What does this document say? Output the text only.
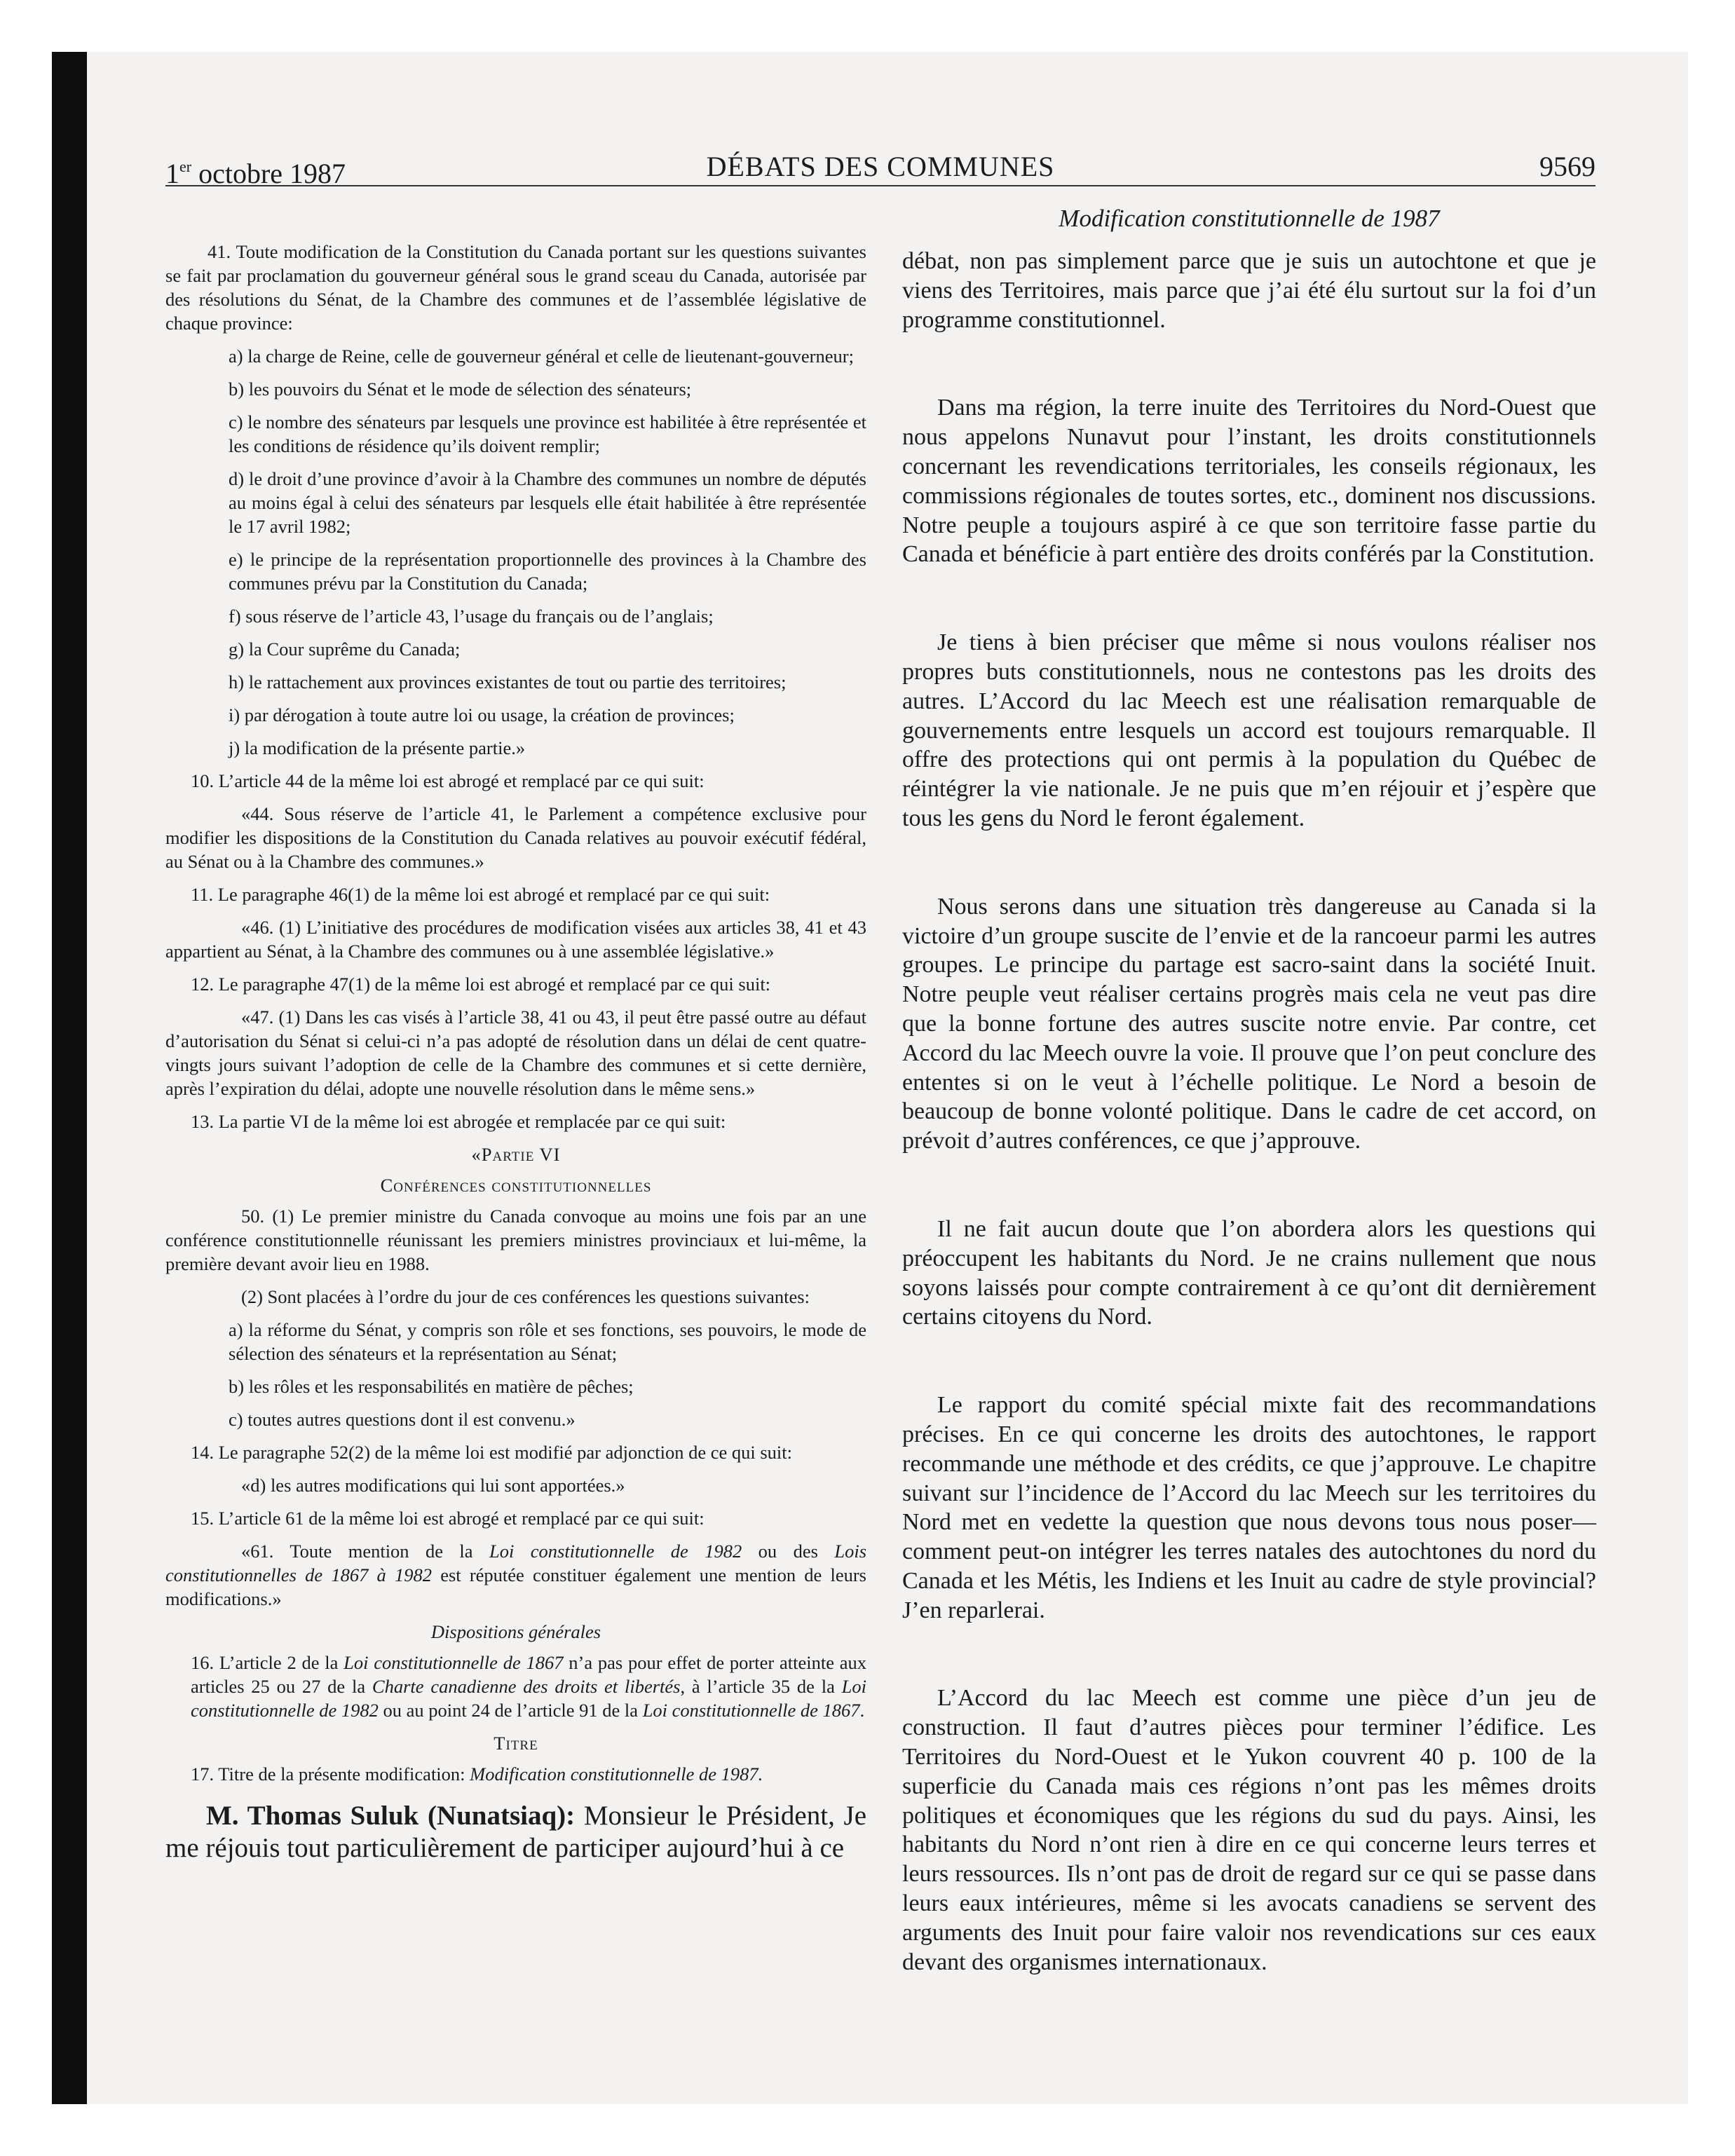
1er octobre 1987	DÉBATS DES COMMUNES	9569

41. Toute modification de la Constitution du Canada portant sur les questions suivantes se fait par proclamation du gouverneur général sous le grand sceau du Canada, autorisée par des résolutions du Sénat, de la Chambre des communes et de l’assemblée législative de chaque province:

a) la charge de Reine, celle de gouverneur général et celle de lieutenant-gouverneur;

b) les pouvoirs du Sénat et le mode de sélection des sénateurs;

c) le nombre des sénateurs par lesquels une province est habilitée à être représentée et les conditions de résidence qu’ils doivent remplir;

d) le droit d’une province d’avoir à la Chambre des communes un nombre de députés au moins égal à celui des sénateurs par lesquels elle était habilitée à être représentée le 17 avril 1982;

e) le principe de la représentation proportionnelle des provinces à la Chambre des communes prévu par la Constitution du Canada;

f) sous réserve de l’article 43, l’usage du français ou de l’anglais;

g) la Cour suprême du Canada;

h) le rattachement aux provinces existantes de tout ou partie des territoires;

i) par dérogation à toute autre loi ou usage, la création de provinces;

j) la modification de la présente partie.»

10. L’article 44 de la même loi est abrogé et remplacé par ce qui suit:

«44. Sous réserve de l’article 41, le Parlement a compétence exclusive pour modifier les dispositions de la Constitution du Canada relatives au pouvoir exécutif fédéral, au Sénat ou à la Chambre des communes.»

11. Le paragraphe 46(1) de la même loi est abrogé et remplacé par ce qui suit:

«46. (1) L’initiative des procédures de modification visées aux articles 38, 41 et 43 appartient au Sénat, à la Chambre des communes ou à une assemblée législative.»

12. Le paragraphe 47(1) de la même loi est abrogé et remplacé par ce qui suit:

«47. (1) Dans les cas visés à l’article 38, 41 ou 43, il peut être passé outre au défaut d’autorisation du Sénat si celui-ci n’a pas adopté de résolution dans un délai de cent quatre-vingts jours suivant l’adoption de celle de la Chambre des communes et si cette dernière, après l’expiration du délai, adopte une nouvelle résolution dans le même sens.»

13. La partie VI de la même loi est abrogée et remplacée par ce qui suit:

«Partie VI

Conférences constitutionnelles

50. (1) Le premier ministre du Canada convoque au moins une fois par an une conférence constitutionnelle réunissant les premiers ministres provinciaux et lui-même, la première devant avoir lieu en 1988.

(2) Sont placées à l’ordre du jour de ces conférences les questions suivantes:

a) la réforme du Sénat, y compris son rôle et ses fonctions, ses pouvoirs, le mode de sélection des sénateurs et la représentation au Sénat;

b) les rôles et les responsabilités en matière de pêches;

c) toutes autres questions dont il est convenu.»

14. Le paragraphe 52(2) de la même loi est modifié par adjonction de ce qui suit:

«d) les autres modifications qui lui sont apportées.»

15. L’article 61 de la même loi est abrogé et remplacé par ce qui suit:

«61. Toute mention de la Loi constitutionnelle de 1982 ou des Lois constitutionnelles de 1867 à 1982 est réputée constituer également une mention de leurs modifications.»

Dispositions générales

16. L’article 2 de la Loi constitutionnelle de 1867 n’a pas pour effet de porter atteinte aux articles 25 ou 27 de la Charte canadienne des droits et libertés, à l’article 35 de la Loi constitutionnelle de 1982 ou au point 24 de l’article 91 de la Loi constitutionnelle de 1867.

Titre

17. Titre de la présente modification: Modification constitutionnelle de 1987.

M. Thomas Suluk (Nunatsiaq): Monsieur le Président, Je me réjouis tout particulièrement de participer aujourd’hui à ce

Modification constitutionnelle de 1987

débat, non pas simplement parce que je suis un autochtone et que je viens des Territoires, mais parce que j’ai été élu surtout sur la foi d’un programme constitutionnel.

Dans ma région, la terre inuite des Territoires du Nord-Ouest que nous appelons Nunavut pour l’instant, les droits constitutionnels concernant les revendications territoriales, les conseils régionaux, les commissions régionales de toutes sortes, etc., dominent nos discussions. Notre peuple a toujours aspiré à ce que son territoire fasse partie du Canada et bénéficie à part entière des droits conférés par la Constitution.

Je tiens à bien préciser que même si nous voulons réaliser nos propres buts constitutionnels, nous ne contestons pas les droits des autres. L’Accord du lac Meech est une réalisation remarquable de gouvernements entre lesquels un accord est toujours remarquable. Il offre des protections qui ont permis à la population du Québec de réintégrer la vie nationale. Je ne puis que m’en réjouir et j’espère que tous les gens du Nord le feront également.

Nous serons dans une situation très dangereuse au Canada si la victoire d’un groupe suscite de l’envie et de la rancoeur parmi les autres groupes. Le principe du partage est sacro-saint dans la société Inuit. Notre peuple veut réaliser certains progrès mais cela ne veut pas dire que la bonne fortune des autres suscite notre envie. Par contre, cet Accord du lac Meech ouvre la voie. Il prouve que l’on peut conclure des ententes si on le veut à l’échelle politique. Le Nord a besoin de beaucoup de bonne volonté politique. Dans le cadre de cet accord, on prévoit d’autres conférences, ce que j’approuve.

Il ne fait aucun doute que l’on abordera alors les questions qui préoccupent les habitants du Nord. Je ne crains nullement que nous soyons laissés pour compte contrairement à ce qu’ont dit dernièrement certains citoyens du Nord.

Le rapport du comité spécial mixte fait des recommandations précises. En ce qui concerne les droits des autochtones, le rapport recommande une méthode et des crédits, ce que j’approuve. Le chapitre suivant sur l’incidence de l’Accord du lac Meech sur les territoires du Nord met en vedette la question que nous devons tous nous poser—comment peut-on intégrer les terres natales des autochtones du nord du Canada et les Métis, les Indiens et les Inuit au cadre de style provincial? J’en reparlerai.

L’Accord du lac Meech est comme une pièce d’un jeu de construction. Il faut d’autres pièces pour terminer l’édifice. Les Territoires du Nord-Ouest et le Yukon couvrent 40 p. 100 de la superficie du Canada mais ces régions n’ont pas les mêmes droits politiques et économiques que les régions du sud du pays. Ainsi, les habitants du Nord n’ont rien à dire en ce qui concerne leurs terres et leurs ressources. Ils n’ont pas de droit de regard sur ce qui se passe dans leurs eaux intérieures, même si les avocats canadiens se servent des arguments des Inuit pour faire valoir nos revendications sur ces eaux devant des organismes internationaux.
